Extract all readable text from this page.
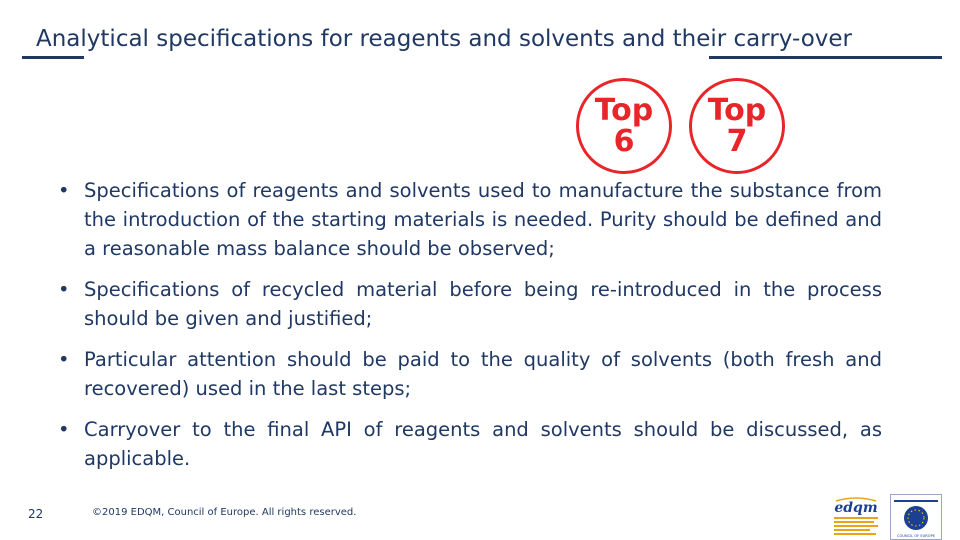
Analytical specifications for reagents and solvents and their carry-over
Top
6
Top
7
• Specifications of reagents and solvents used to manufacture the substance from the introduction of the starting materials is needed. Purity should be defined and a reasonable mass balance should be observed;
• Specifications of recycled material before being re-introduced in the process should be given and justified;
• Particular attention should be paid to the quality of solvents (both fresh and recovered) used in the last steps;
• Carryover to the final API of reagents and solvents should be discussed, as applicable.
22	©2019 EDQM, Council of Europe. All rights reserved.	edqm
COUNCIL OF EUROPE
